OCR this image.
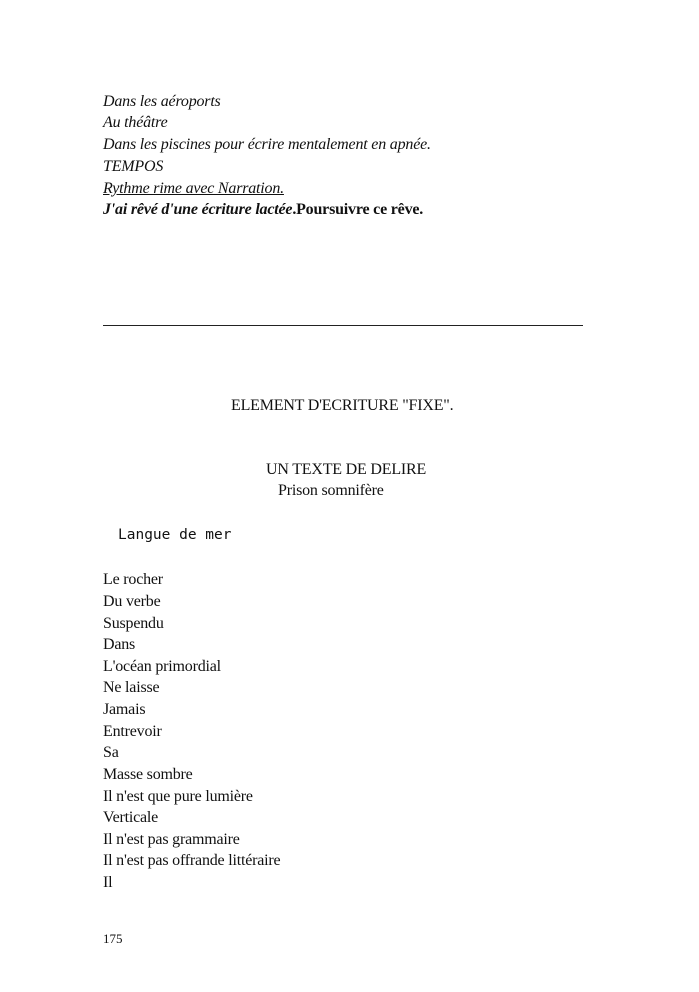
Dans les aéroports
Au théâtre
Dans les piscines pour écrire mentalement en apnée.
TEMPOS
Rythme rime avec Narration.
J'ai rêvé d'une écriture lactée.Poursuivre ce rêve.
ELEMENT D'ECRITURE "FIXE".
UN TEXTE DE DELIRE
Prison somnifère
Langue de mer
Le rocher
Du verbe
Suspendu
Dans
L'océan primordial
Ne laisse
Jamais
Entrevoir
Sa
Masse sombre
Il n'est que pure lumière
Verticale
Il n'est pas grammaire
Il n'est pas offrande littéraire
Il
175
